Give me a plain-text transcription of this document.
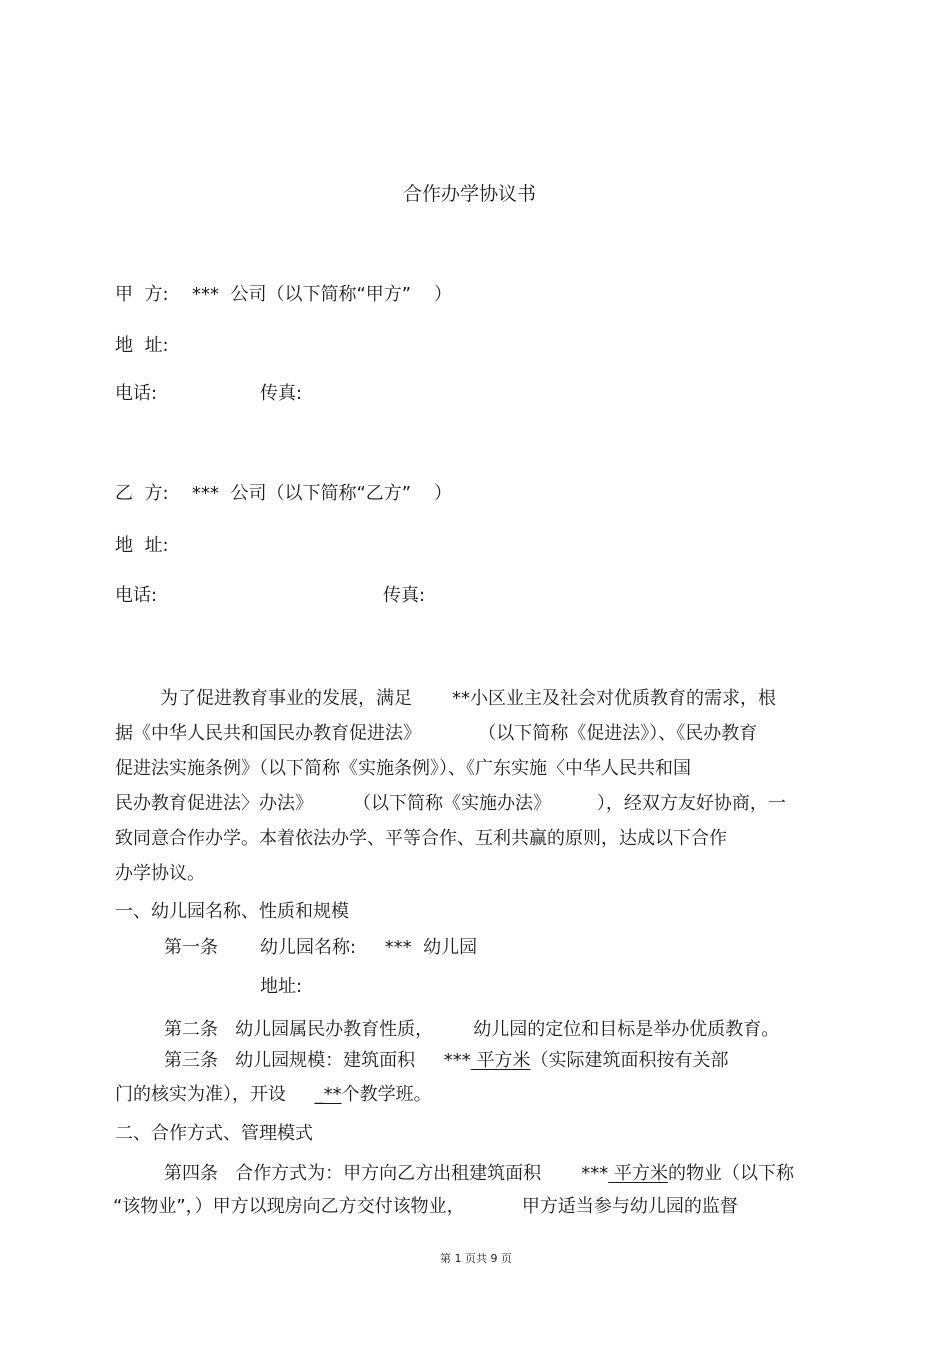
合作办学协议书
甲  方: ***  公司（以下简称“甲方”    ）
地  址:
电话:	传真:
乙  方: ***  公司（以下简称“乙方”    ）
地  址:
电话:	传真:
为了促进教育事业的发展，满足       **小区业主及社会对优质教育的需求，根
据《中华人民共和国民办教育促进法》          （以下简称《促进法》）、《民办教育
促进法实施条例》（以下简称《实施条例》）、《广东实施〈中华人民共和国
民办教育促进法〉办法》       （以下简称《实施办法》        ），经双方友好协商，一
致同意合作办学。本着依法办学、平等合作、互利共赢的原则，达成以下合作
办学协议。
一、幼儿园名称、性质和规模
第一条 幼儿园名称:     ***  幼儿园
地址:
第二条   幼儿园属民办教育性质，       幼儿园的定位和目标是举办优质教育。
第三条   幼儿园规模：建筑面积     *** 平方米（实际建筑面积按有关部
门的核实为准），开设     _**个教学班。
二、合作方式、管理模式
第四条   合作方式为：甲方向乙方出租建筑面积       *** 平方米的物业（以下称
“该物业”，）甲方以现房向乙方交付该物业，          甲方适当参与幼儿园的监督
第 1 页共 9 页
